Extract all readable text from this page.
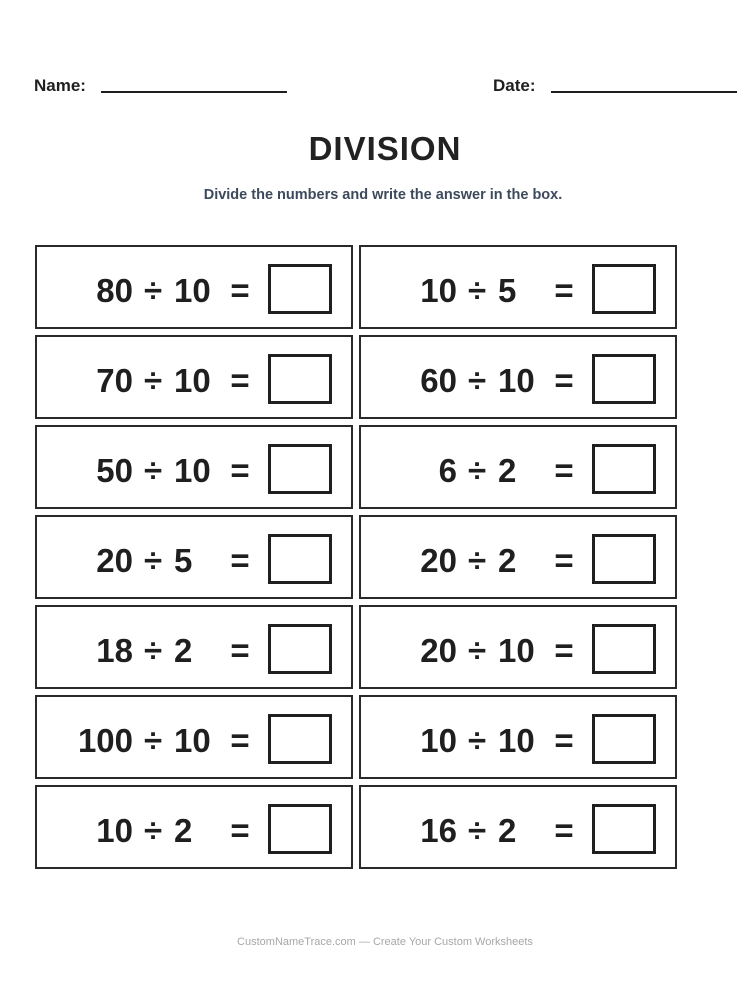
Name:	Date:
DIVISION
Divide the numbers and write the answer in the box.
80 ÷ 10 =	10 ÷ 5	=
70 ÷ 10 =	60 ÷ 10 =
50 ÷ 10 =	6 ÷ 2	=
20 ÷ 5	=	20 ÷ 2	=
18 ÷ 2	=	20 ÷ 10 =
100 ÷ 10 =	10 ÷ 10 =
10 ÷ 2	=	16 ÷ 2	=
CustomNameTrace.com — Create Your Custom Worksheets
